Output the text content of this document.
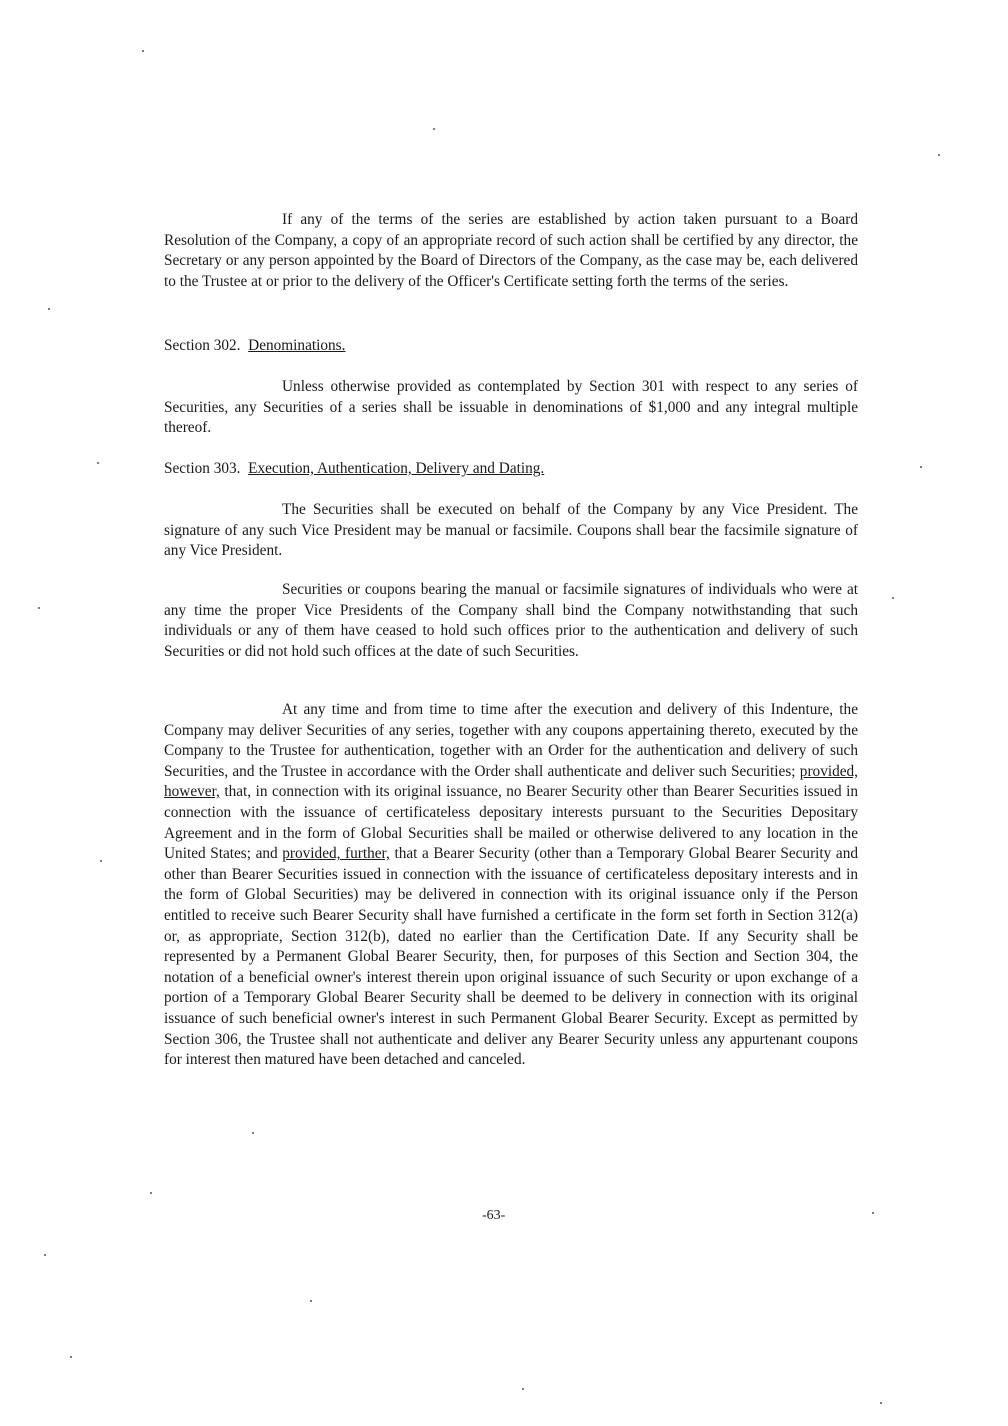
If any of the terms of the series are established by action taken pursuant to a Board Resolution of the Company, a copy of an appropriate record of such action shall be certified by any director, the Secretary or any person appointed by the Board of Directors of the Company, as the case may be, each delivered to the Trustee at or prior to the delivery of the Officer's Certificate setting forth the terms of the series.
Section 302. Denominations.
Unless otherwise provided as contemplated by Section 301 with respect to any series of Securities, any Securities of a series shall be issuable in denominations of $1,000 and any integral multiple thereof.
Section 303. Execution, Authentication, Delivery and Dating.
The Securities shall be executed on behalf of the Company by any Vice President. The signature of any such Vice President may be manual or facsimile. Coupons shall bear the facsimile signature of any Vice President.
Securities or coupons bearing the manual or facsimile signatures of individuals who were at any time the proper Vice Presidents of the Company shall bind the Company notwithstanding that such individuals or any of them have ceased to hold such offices prior to the authentication and delivery of such Securities or did not hold such offices at the date of such Securities.
At any time and from time to time after the execution and delivery of this Indenture, the Company may deliver Securities of any series, together with any coupons appertaining thereto, executed by the Company to the Trustee for authentication, together with an Order for the authentication and delivery of such Securities, and the Trustee in accordance with the Order shall authenticate and deliver such Securities; provided, however, that, in connection with its original issuance, no Bearer Security other than Bearer Securities issued in connection with the issuance of certificateless depositary interests pursuant to the Securities Depositary Agreement and in the form of Global Securities shall be mailed or otherwise delivered to any location in the United States; and provided, further, that a Bearer Security (other than a Temporary Global Bearer Security and other than Bearer Securities issued in connection with the issuance of certificateless depositary interests and in the form of Global Securities) may be delivered in connection with its original issuance only if the Person entitled to receive such Bearer Security shall have furnished a certificate in the form set forth in Section 312(a) or, as appropriate, Section 312(b), dated no earlier than the Certification Date. If any Security shall be represented by a Permanent Global Bearer Security, then, for purposes of this Section and Section 304, the notation of a beneficial owner's interest therein upon original issuance of such Security or upon exchange of a portion of a Temporary Global Bearer Security shall be deemed to be delivery in connection with its original issuance of such beneficial owner's interest in such Permanent Global Bearer Security. Except as permitted by Section 306, the Trustee shall not authenticate and deliver any Bearer Security unless any appurtenant coupons for interest then matured have been detached and canceled.
-63-
